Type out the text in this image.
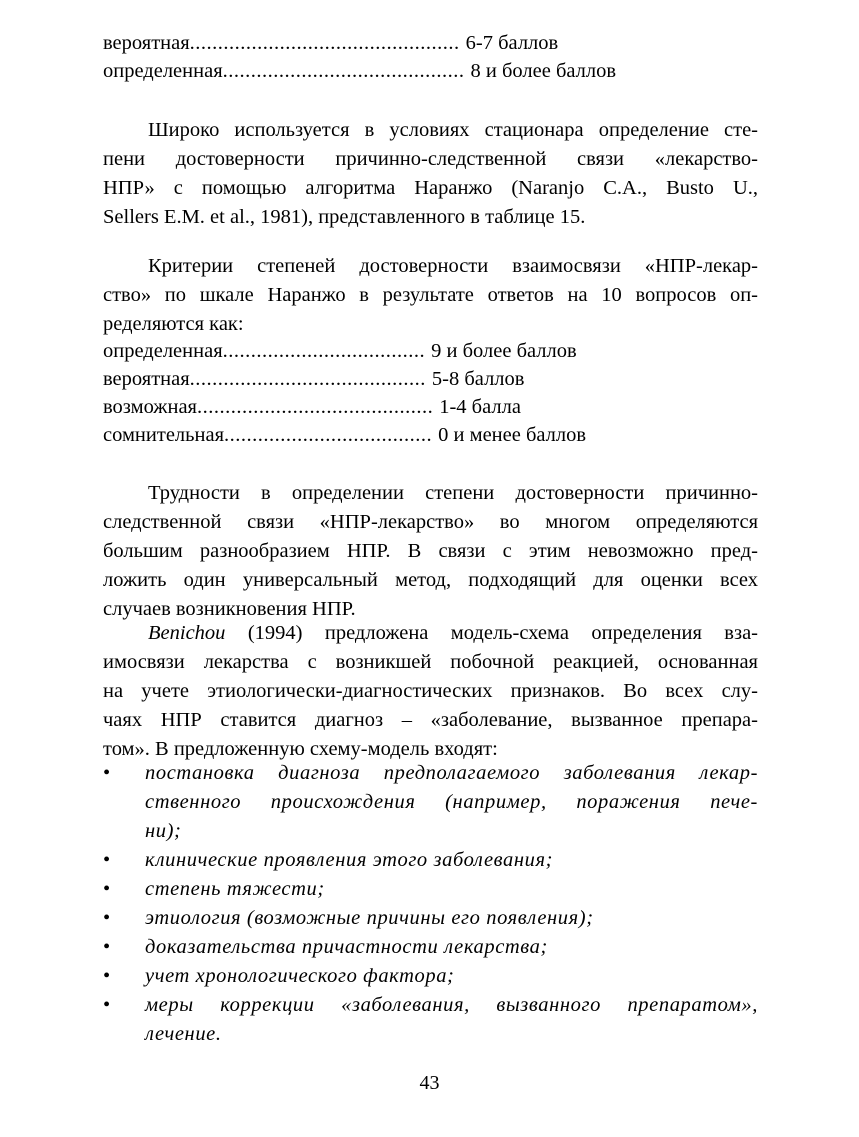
вероятная ................................................ 6-7 баллов
определенная ........................................... 8 и более баллов
Широко используется в условиях стационара определение сте-
пени достоверности причинно-следственной связи «лекарство-
НПР» с помощью алгоритма Наранжо (Naranjo C.A., Busto U.,
Sellers E.M. et al., 1981), представленного в таблице 15.
Критерии степеней достоверности взаимосвязи «НПР-лекар-
ство» по шкале Наранжо в результате ответов на 10 вопросов оп-
ределяются как:
определенная .................................... 9 и более баллов
вероятная .......................................... 5-8 баллов
возможная .......................................... 1-4 балла
сомнительная ..................................... 0 и менее баллов
Трудности в определении степени достоверности причинно-
следственной связи «НПР-лекарство» во многом определяются
большим разнообразием НПР. В связи с этим невозможно пред-
ложить один универсальный метод, подходящий для оценки всех
случаев возникновения НПР.
Benichou (1994) предложена модель-схема определения вза-
имосвязи лекарства с возникшей побочной реакцией, основанная
на учете этиологически-диагностических признаков. Во всех слу-
чаях НПР ставится диагноз – «заболевание, вызванное препара-
том». В предложенную схему-модель входят:
• постановка диагноза предполагаемого заболевания лекар-
ственного происхождения (например, поражения пече-
ни);
• клинические проявления этого заболевания;
• степень тяжести;
• этиология (возможные причины его появления);
• доказательства причастности лекарства;
• учет хронологического фактора;
• меры коррекции «заболевания, вызванного препаратом»,
лечение.
43
